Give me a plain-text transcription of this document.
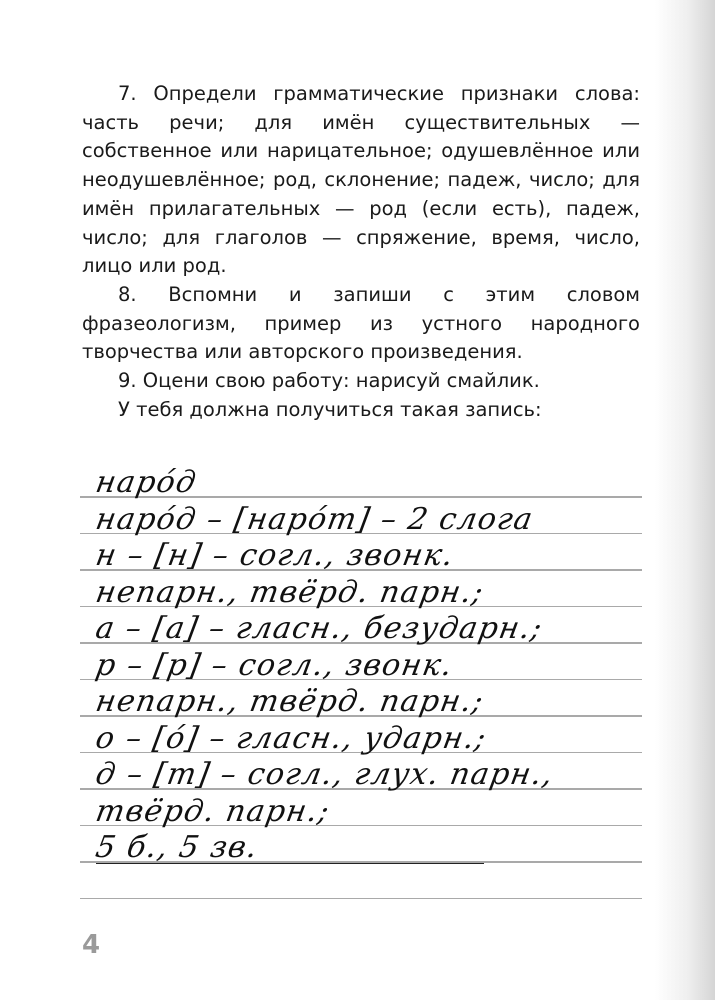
7. Определи грамматические признаки слова: часть речи; для имён существительных — собственное или нарицательное; одушевлённое или неодушевлённое; род, склонение; падеж, число; для имён прилагательных — род (если есть), падеж, число; для глаголов — спряжение, время, число, лицо или род.

8. Вспомни и запиши с этим словом фразеологизм, пример из устного народного творчества или авторского произведения.

9. Оцени свою работу: нарисуй смайлик.

У тебя должна получиться такая запись:

наро́д
наро́д – [наро́т] – 2 слога
н – [н] – согл., звонк.
непарн., твёрд. парн.;
а – [а] – гласн., безударн.;
р – [р] – согл., звонк.
непарн., твёрд. парн.;
о – [о́] – гласн., ударн.;
д – [т] – согл., глух. парн.,
твёрд. парн.;
5 б., 5 зв.
4
